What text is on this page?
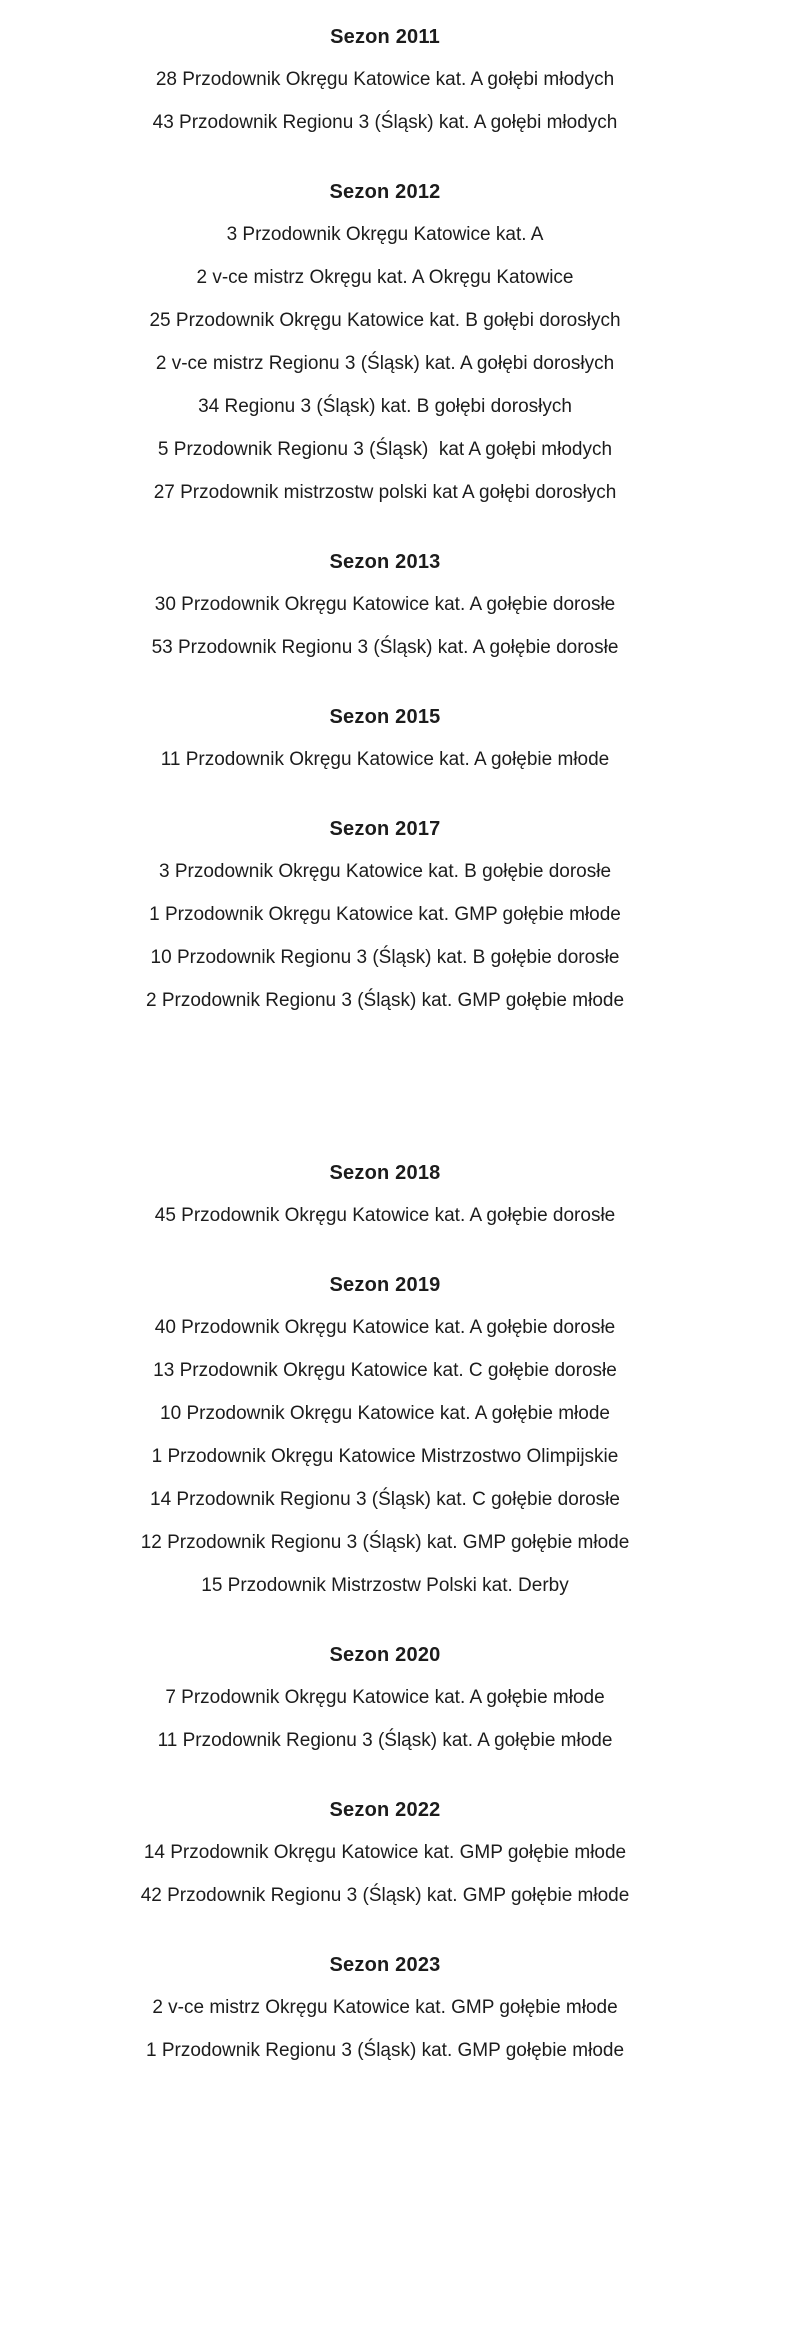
Sezon 2011

28 Przodownik Okręgu Katowice kat. A gołębi młodych

43 Przodownik Regionu 3 (Śląsk) kat. A gołębi młodych

Sezon 2012

3 Przodownik Okręgu Katowice kat. A

2 v-ce mistrz Okręgu kat. A Okręgu Katowice

25 Przodownik Okręgu Katowice kat. B gołębi dorosłych

2 v-ce mistrz Regionu 3 (Śląsk) kat. A gołębi dorosłych

34 Regionu 3 (Śląsk) kat. B gołębi dorosłych

5 Przodownik Regionu 3 (Śląsk)  kat A gołębi młodych

27 Przodownik mistrzostw polski kat A gołębi dorosłych

Sezon 2013

30 Przodownik Okręgu Katowice kat. A gołębie dorosłe

53 Przodownik Regionu 3 (Śląsk) kat. A gołębie dorosłe

Sezon 2015

11 Przodownik Okręgu Katowice kat. A gołębie młode

Sezon 2017

3 Przodownik Okręgu Katowice kat. B gołębie dorosłe

1 Przodownik Okręgu Katowice kat. GMP gołębie młode

10 Przodownik Regionu 3 (Śląsk) kat. B gołębie dorosłe

2 Przodownik Regionu 3 (Śląsk) kat. GMP gołębie młode

Sezon 2018

45 Przodownik Okręgu Katowice kat. A gołębie dorosłe

Sezon 2019

40 Przodownik Okręgu Katowice kat. A gołębie dorosłe

13 Przodownik Okręgu Katowice kat. C gołębie dorosłe

10 Przodownik Okręgu Katowice kat. A gołębie młode

1 Przodownik Okręgu Katowice Mistrzostwo Olimpijskie

14 Przodownik Regionu 3 (Śląsk) kat. C gołębie dorosłe

12 Przodownik Regionu 3 (Śląsk) kat. GMP gołębie młode

15 Przodownik Mistrzostw Polski kat. Derby

Sezon 2020

7 Przodownik Okręgu Katowice kat. A gołębie młode

11 Przodownik Regionu 3 (Śląsk) kat. A gołębie młode

Sezon 2022

14 Przodownik Okręgu Katowice kat. GMP gołębie młode

42 Przodownik Regionu 3 (Śląsk) kat. GMP gołębie młode

Sezon 2023

2 v-ce mistrz Okręgu Katowice kat. GMP gołębie młode

1 Przodownik Regionu 3 (Śląsk) kat. GMP gołębie młode
